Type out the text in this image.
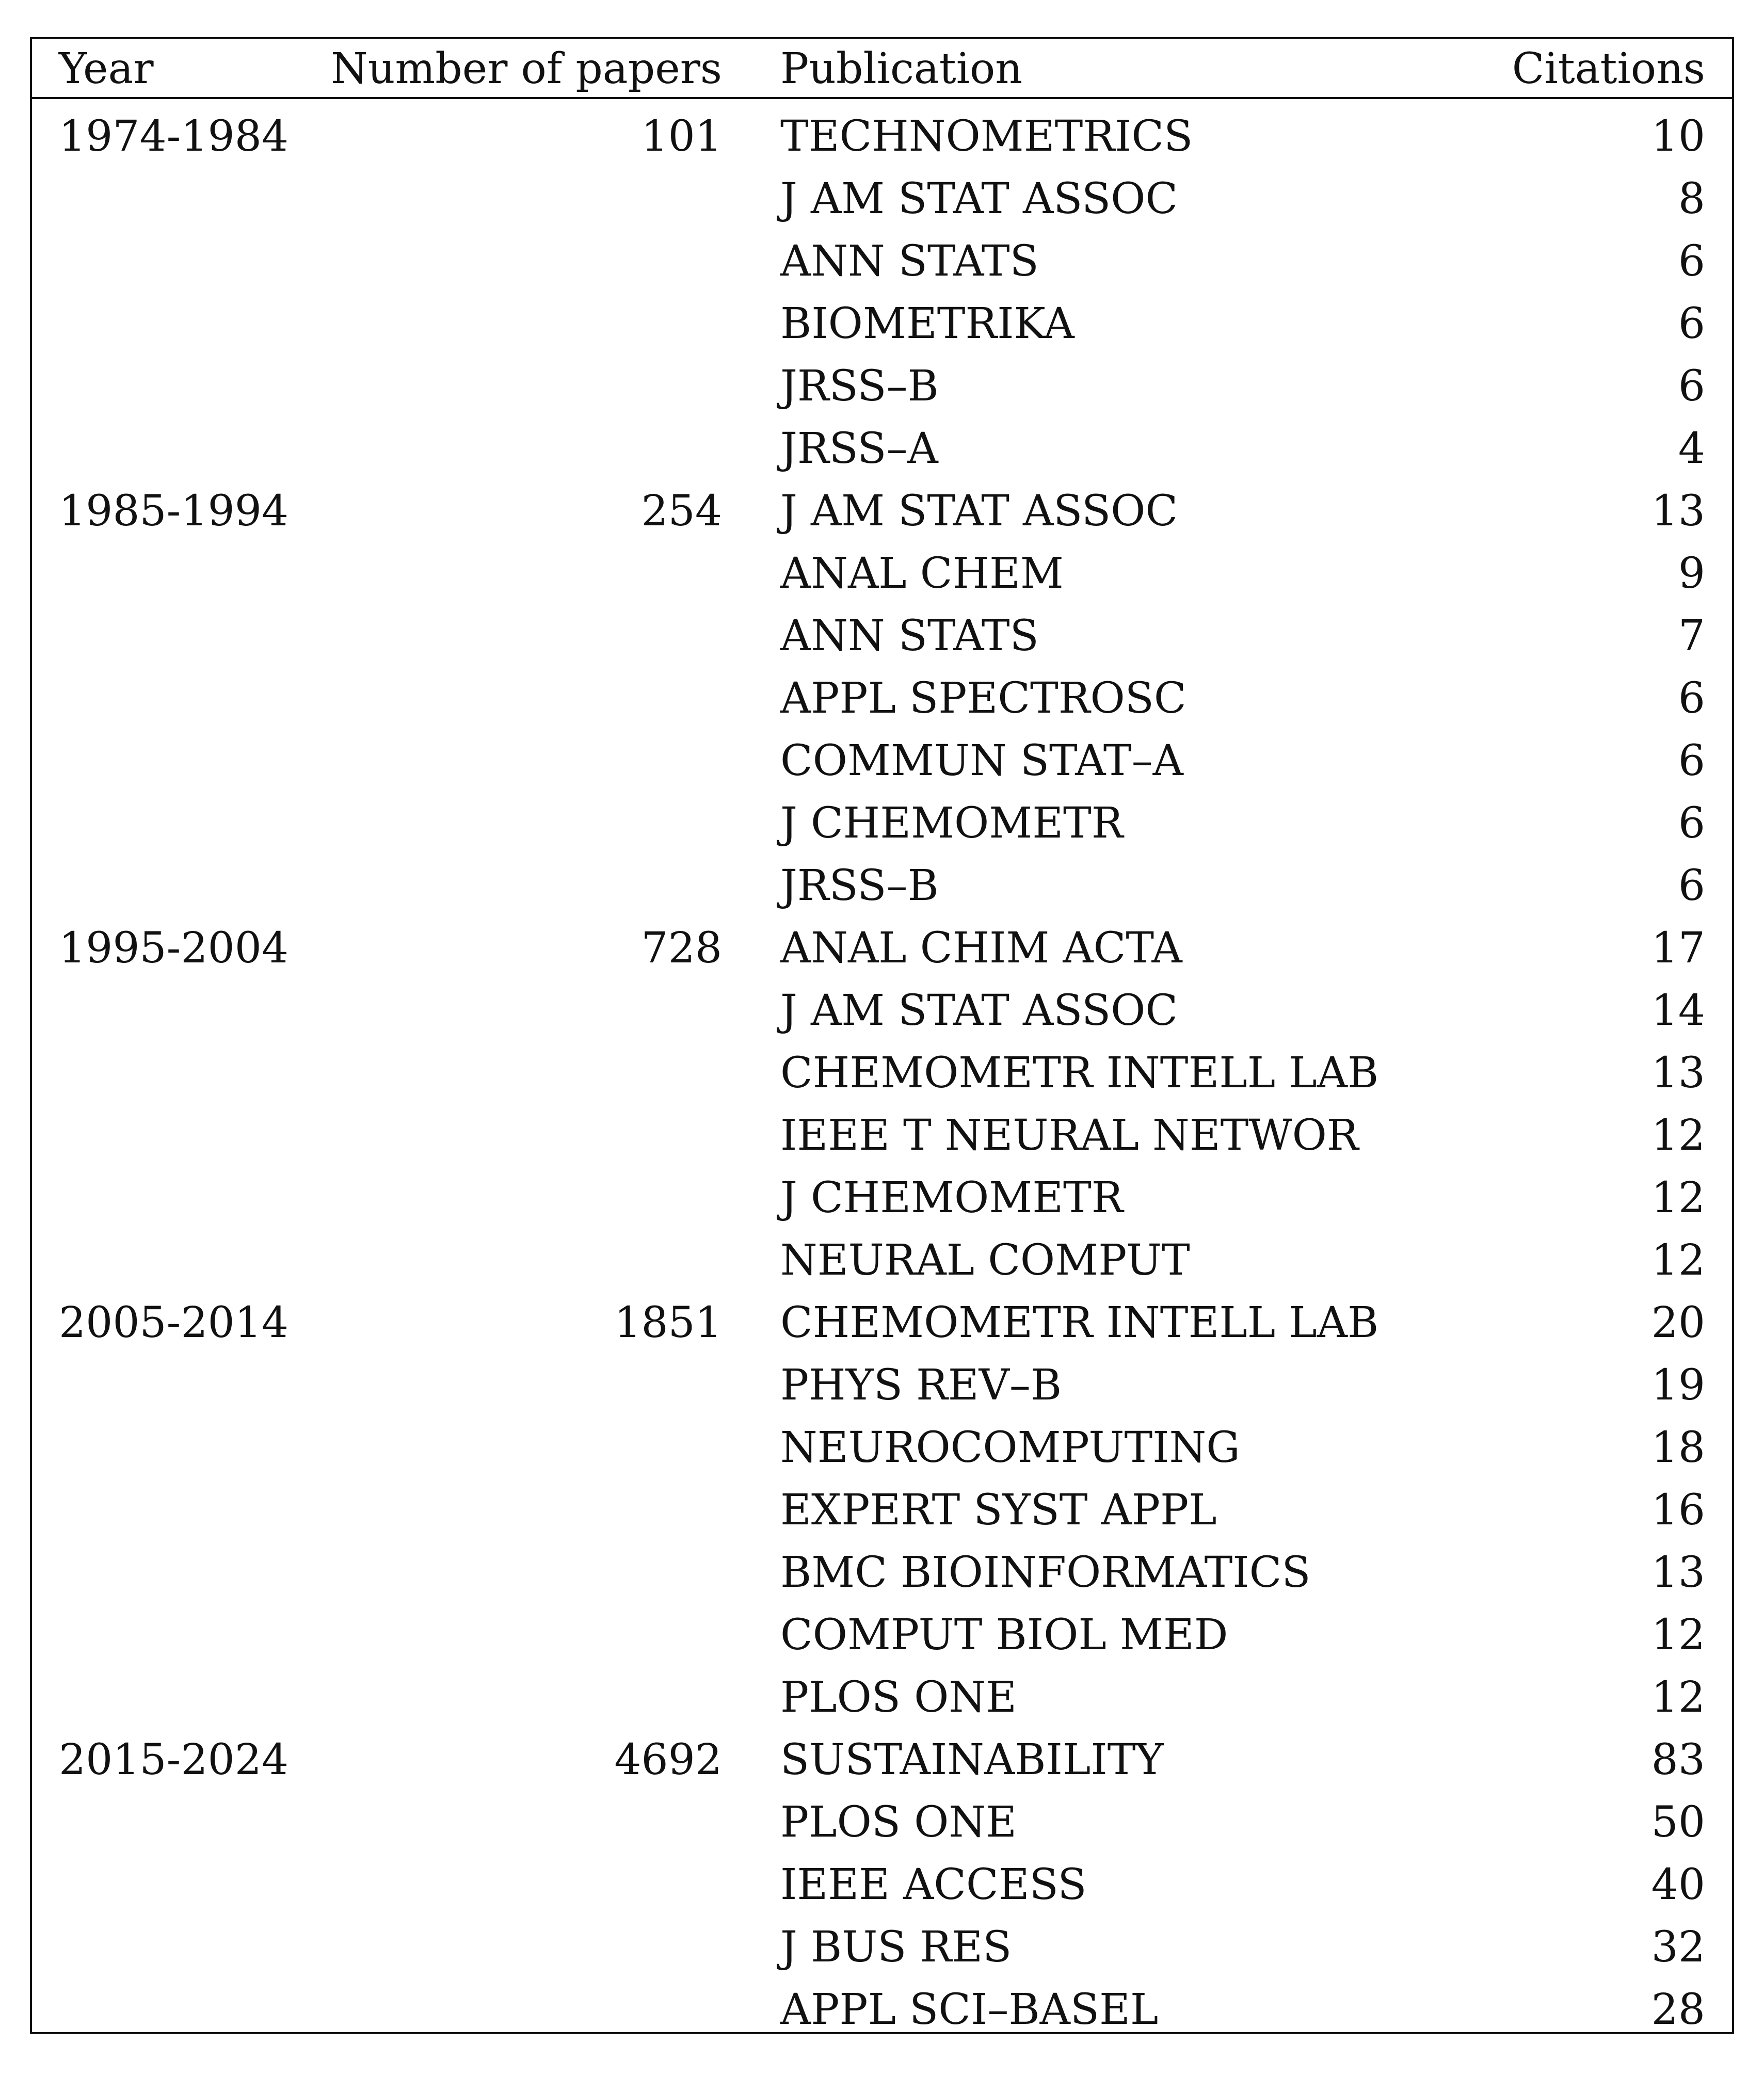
Year	Number of papers Publication	Citations
1974-1984	101 TECHNOMETRICS	10
J AM STAT ASSOC	8
ANN STATS	6
BIOMETRIKA	6
JRSS–B	6
JRSS–A	4
1985-1994	254 J AM STAT ASSOC	13
ANAL CHEM	9
ANN STATS	7
APPL SPECTROSC	6
COMMUN STAT–A	6
J CHEMOMETR	6
JRSS–B	6
1995-2004	728 ANAL CHIM ACTA	17
J AM STAT ASSOC	14
CHEMOMETR INTELL LAB	13
IEEE T NEURAL NETWOR	12
J CHEMOMETR	12
NEURAL COMPUT	12
2005-2014	1851 CHEMOMETR INTELL LAB	20
PHYS REV–B	19
NEUROCOMPUTING	18
EXPERT SYST APPL	16
BMC BIOINFORMATICS	13
COMPUT BIOL MED	12
PLOS ONE	12
2015-2024	4692 SUSTAINABILITY	83
PLOS ONE	50
IEEE ACCESS	40
J BUS RES	32
APPL SCI–BASEL	28
